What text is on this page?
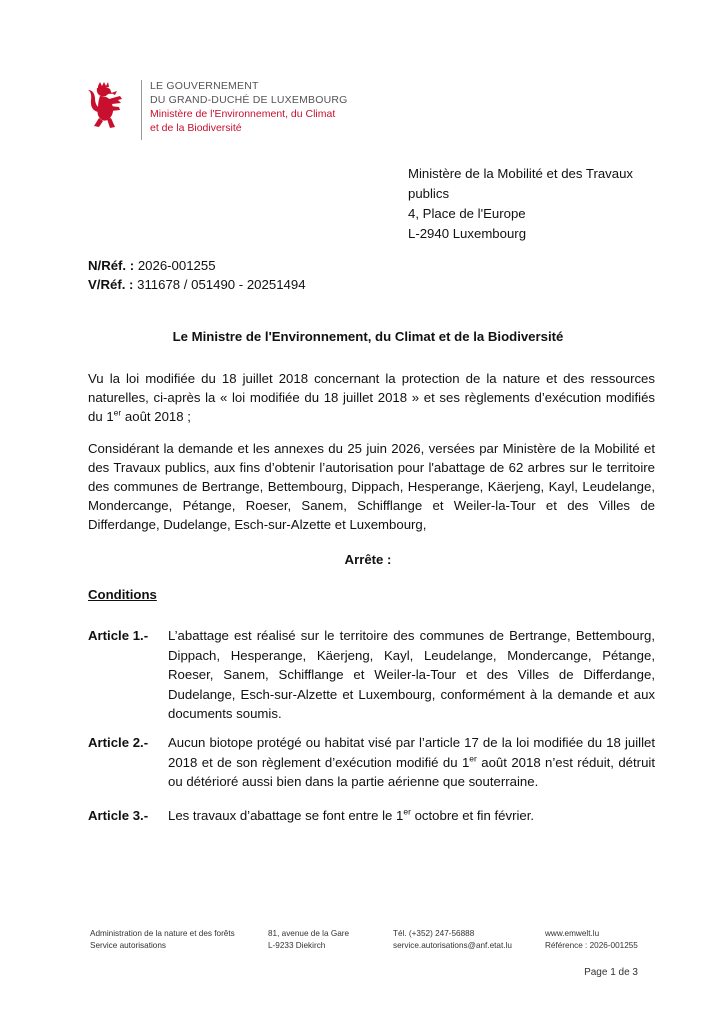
LE GOUVERNEMENT
DU GRAND-DUCHÉ DE LUXEMBOURG
Ministère de l'Environnement, du Climat
et de la Biodiversité
Ministère de la Mobilité et des Travaux
publics
4, Place de l'Europe
L-2940 Luxembourg
N/Réf. : 2026-001255
V/Réf. : 311678 / 051490 - 20251494
Le Ministre de l'Environnement, du Climat et de la Biodiversité
Vu la loi modifiée du 18 juillet 2018 concernant la protection de la nature et des ressources naturelles, ci-après la « loi modifiée du 18 juillet 2018 » et ses règlements d’exécution modifiés du 1er août 2018 ;
Considérant la demande et les annexes du 25 juin 2026, versées par Ministère de la Mobilité et des Travaux publics, aux fins d’obtenir l’autorisation pour l'abattage de 62 arbres sur le territoire des communes de Bertrange, Bettembourg, Dippach, Hesperange, Käerjeng, Kayl, Leudelange, Mondercange, Pétange, Roeser, Sanem, Schifflange et Weiler-la-Tour et des Villes de Differdange, Dudelange, Esch-sur-Alzette et Luxembourg,
Arrête :
Conditions
Article 1.- L’abattage est réalisé sur le territoire des communes de Bertrange, Bettembourg, Dippach, Hesperange, Käerjeng, Kayl, Leudelange, Mondercange, Pétange, Roeser, Sanem, Schifflange et Weiler-la-Tour et des Villes de Differdange, Dudelange, Esch-sur-Alzette et Luxembourg, conformément à la demande et aux documents soumis.
Article 2.- Aucun biotope protégé ou habitat visé par l’article 17 de la loi modifiée du 18 juillet 2018 et de son règlement d’exécution modifié du 1er août 2018 n’est réduit, détruit ou détérioré aussi bien dans la partie aérienne que souterraine.
Article 3.- Les travaux d’abattage se font entre le 1er octobre et fin février.
Administration de la nature et des forêts
Service autorisations
81, avenue de la Gare
L-9233 Diekirch
Tél. (+352) 247-56888
service.autorisations@anf.etat.lu
www.emwelt.lu
Référence : 2026-001255
Page 1 de 3
